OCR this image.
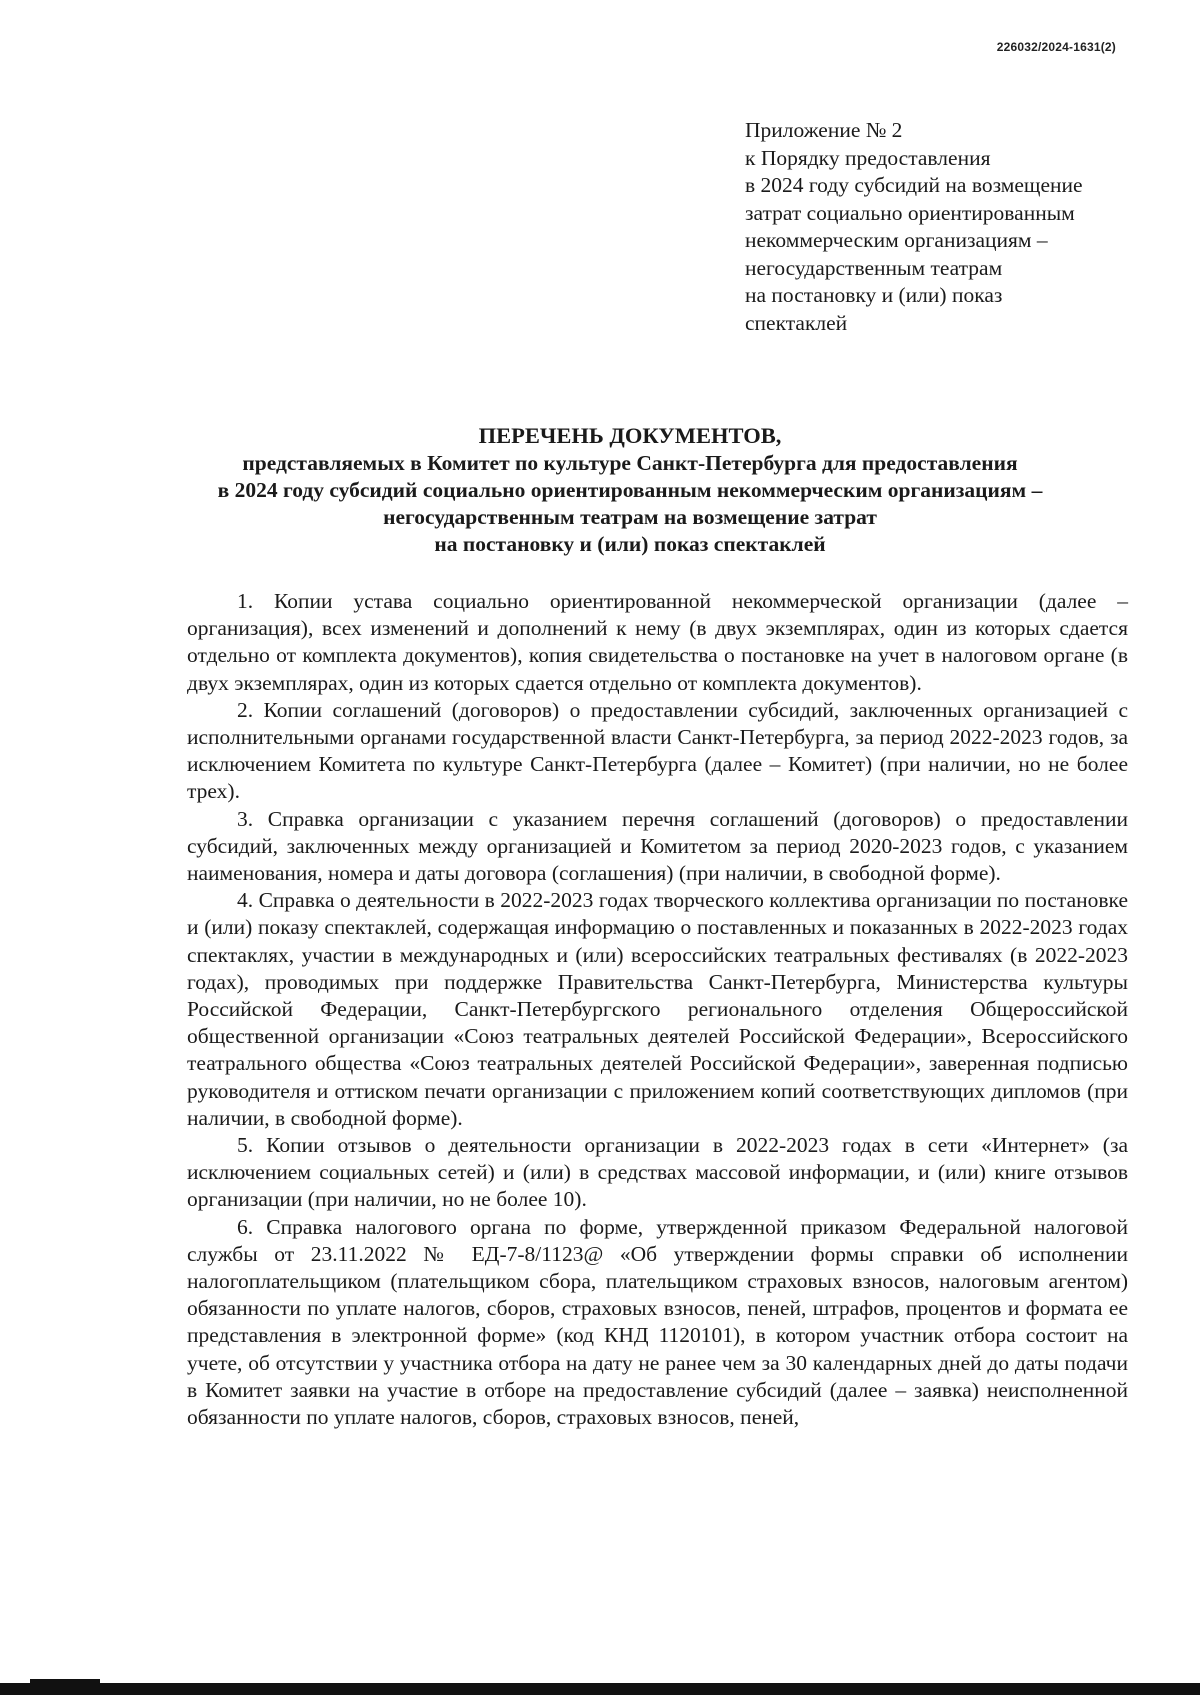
226032/2024-1631(2)
Приложение № 2
к Порядку предоставления
в 2024 году субсидий на возмещение
затрат социально ориентированным
некоммерческим организациям –
негосударственным театрам
на постановку и (или) показ
спектаклей
ПЕРЕЧЕНЬ ДОКУМЕНТОВ,
представляемых в Комитет по культуре Санкт-Петербурга для предоставления
в 2024 году субсидий социально ориентированным некоммерческим организациям –
негосударственным театрам на возмещение затрат
на постановку и (или) показ спектаклей

1. Копии устава социально ориентированной некоммерческой организации (далее – организация), всех изменений и дополнений к нему (в двух экземплярах, один из которых сдается отдельно от комплекта документов), копия свидетельства о постановке на учет в налоговом органе (в двух экземплярах, один из которых сдается отдельно от комплекта документов).

2. Копии соглашений (договоров) о предоставлении субсидий, заключенных организацией с исполнительными органами государственной власти Санкт-Петербурга, за период 2022-2023 годов, за исключением Комитета по культуре Санкт-Петербурга (далее – Комитет) (при наличии, но не более трех).

3. Справка организации с указанием перечня соглашений (договоров) о предоставлении субсидий, заключенных между организацией и Комитетом за период 2020-2023 годов, с указанием наименования, номера и даты договора (соглашения) (при наличии, в свободной форме).

4. Справка о деятельности в 2022-2023 годах творческого коллектива организации по постановке и (или) показу спектаклей, содержащая информацию о поставленных и показанных в 2022-2023 годах спектаклях, участии в международных и (или) всероссийских театральных фестивалях (в 2022-2023 годах), проводимых при поддержке Правительства Санкт-Петербурга, Министерства культуры Российской Федерации, Санкт-Петербургского регионального отделения Общероссийской общественной организации «Союз театральных деятелей Российской Федерации», Всероссийского театрального общества «Союз театральных деятелей Российской Федерации», заверенная подписью руководителя и оттиском печати организации с приложением копий соответствующих дипломов (при наличии, в свободной форме).

5. Копии отзывов о деятельности организации в 2022-2023 годах в сети «Интернет» (за исключением социальных сетей) и (или) в средствах массовой информации, и (или) книге отзывов организации (при наличии, но не более 10).

6. Справка налогового органа по форме, утвержденной приказом Федеральной налоговой службы от 23.11.2022 № ЕД-7-8/1123@ «Об утверждении формы справки об исполнении налогоплательщиком (плательщиком сбора, плательщиком страховых взносов, налоговым агентом) обязанности по уплате налогов, сборов, страховых взносов, пеней, штрафов, процентов и формата ее представления в электронной форме» (код КНД 1120101), в котором участник отбора состоит на учете, об отсутствии у участника отбора на дату не ранее чем за 30 календарных дней до даты подачи в Комитет заявки на участие в отборе на предоставление субсидий (далее – заявка) неисполненной обязанности по уплате налогов, сборов, страховых взносов, пеней,
